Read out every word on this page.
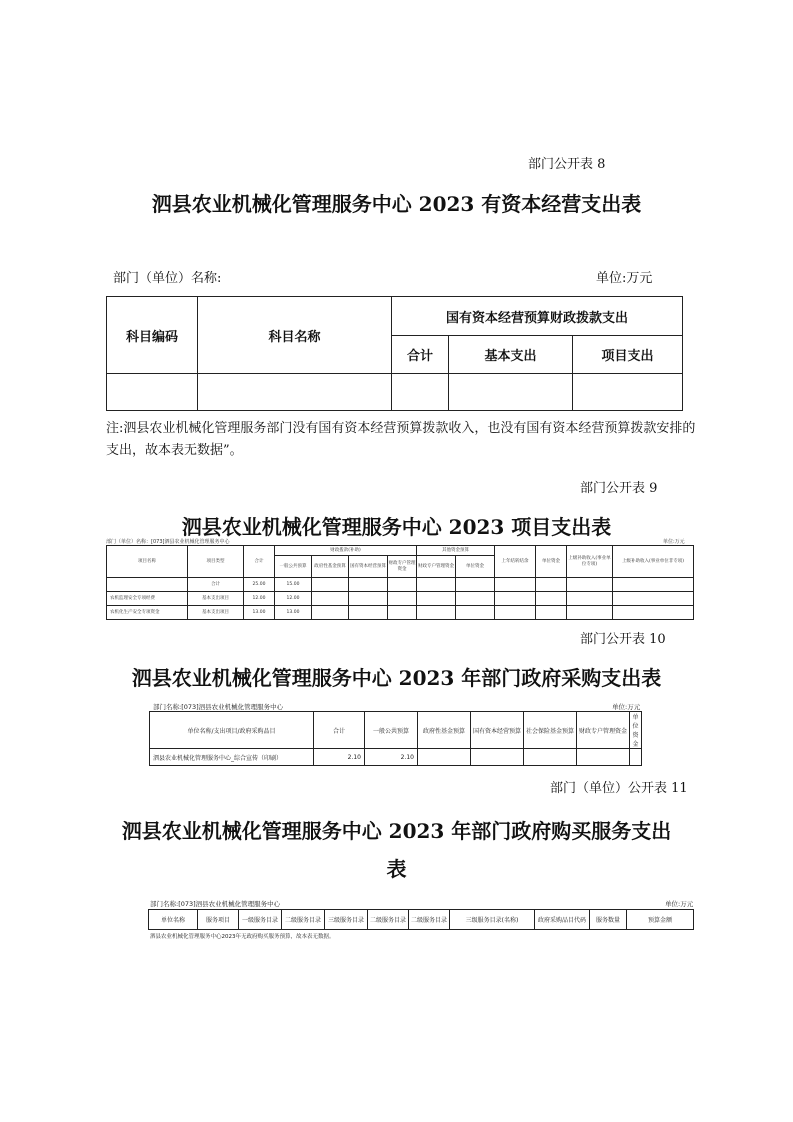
部门公开表 8
泗县农业机械化管理服务中心 2023 有资本经营支出表
部门（单位）名称:	单位:万元
科目编码	科目名称	国有资本经营预算财政拨款支出		
		合计	基本支出	项目支出

注:泗县农业机械化管理服务部门没有国有资本经营预算拨款收入，也没有国有资本经营预算拨款安排的支出，故本表无数据”。
部门公开表 9
泗县农业机械化管理服务中心 2023 项目支出表
部门（单位）名称：[073]泗县农业机械化管理服务中心	单位:万元
项目名称	项目类型	合计	财政拨款(补助)				其他资金预算		上年结转结余	单位资金	上级补助收入(事业单位专项)	上级补助收入(事业单位非专项)
			一般公共预算	政府性基金预算	国有资本经营预算	财政专户管理资金	财政专户管理资金	单位资金				
	合计	25.00	15.00									
农机监理安全专项经费	基本支出项目	12.00	12.00									
农机化生产安全专项资金	基本支出项目	13.00	13.00									
部门公开表 10
泗县农业机械化管理服务中心 2023 年部门政府采购支出表
部门名称:[073]泗县农业机械化管理服务中心	单位:万元
单位名称/支出项目/政府采购品目	合计	一般公共预算	政府性基金预算	国有资本经营预算	社会保险基金预算	财政专户管理资金	单位资金
泗县农业机械化管理服务中心_综合宣传（印刷）	2.10	2.10					
部门（单位）公开表 11
泗县农业机械化管理服务中心 2023 年部门政府购买服务支出
表
部门名称:[073]泗县农业机械化管理服务中心	单位:万元
单位名称	服务项目	一级服务目录	二级服务目录	三级服务目录	二级服务目录	二级服务目录	三级服务目录(名称)	政府采购品目代码	服务数量	预算金额
泗县农业机械化管理服务中心2023年无政府购买服务预算，故本表无数据。
